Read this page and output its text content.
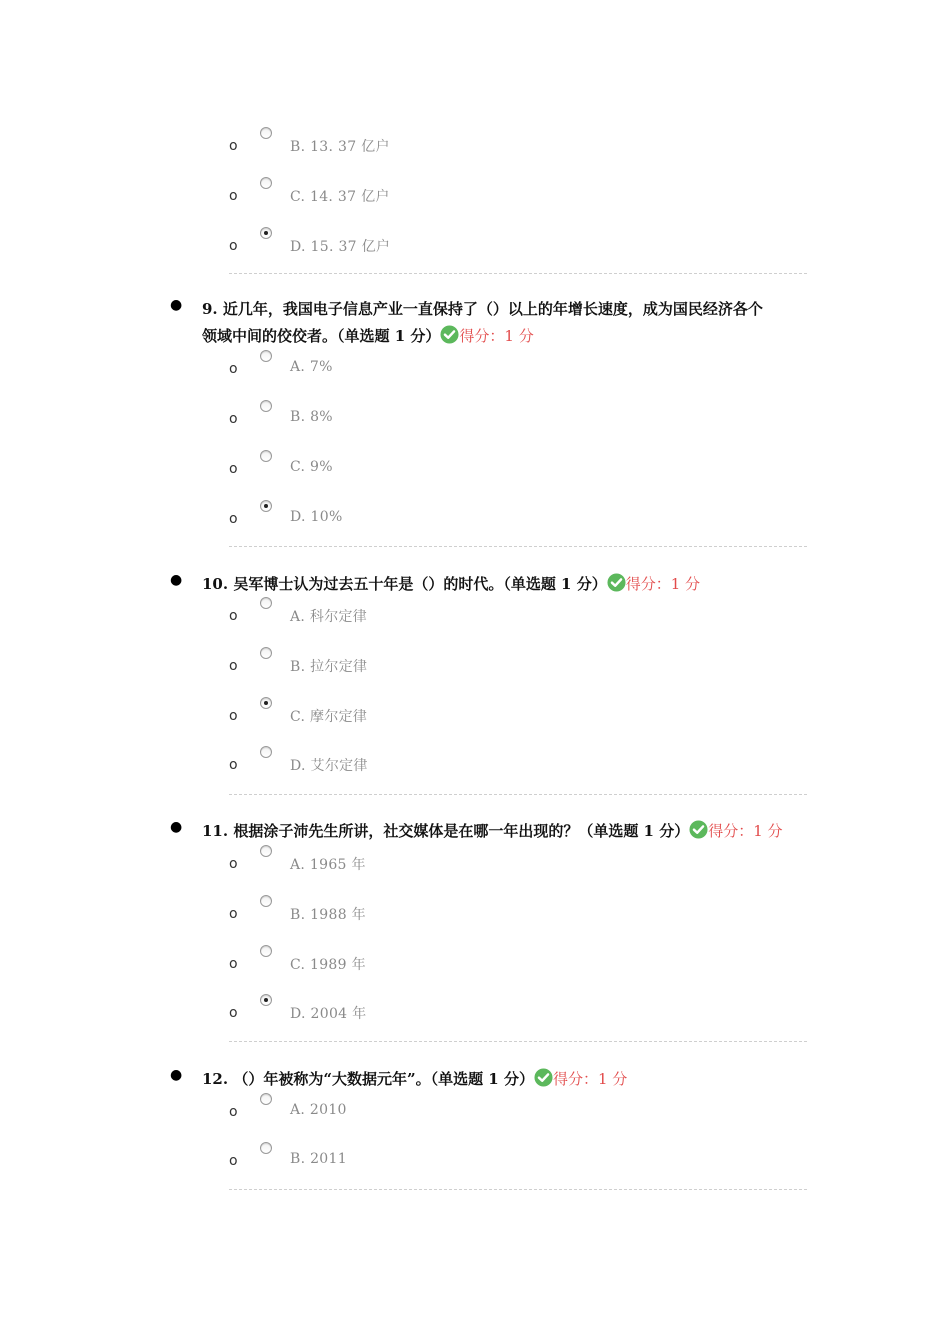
o	B. 13. 37 亿户
o	C. 14. 37 亿户
o	D. 15. 37 亿户
● 9. 近几年，我国电子信息产业一直保持了（）以上的年增长速度，成为国民经济各个
领域中间的佼佼者。（单选题 1 分） 得分：1 分
o	A. 7%
o	B. 8%
o	C. 9%
o	D. 10%
● 10. 吴军博士认为过去五十年是（）的时代。（单选题 1 分） 得分：1 分
o	A. 科尔定律
o	B. 拉尔定律
o	C. 摩尔定律
o	D. 艾尔定律
● 11. 根据涂子沛先生所讲，社交媒体是在哪一年出现的？（单选题 1 分） 得分：1 分
o	A. 1965 年
o	B. 1988 年
o	C. 1989 年
o	D. 2004 年
● 12. （）年被称为“大数据元年”。（单选题 1 分） 得分：1 分
o	A. 2010
o	B. 2011
